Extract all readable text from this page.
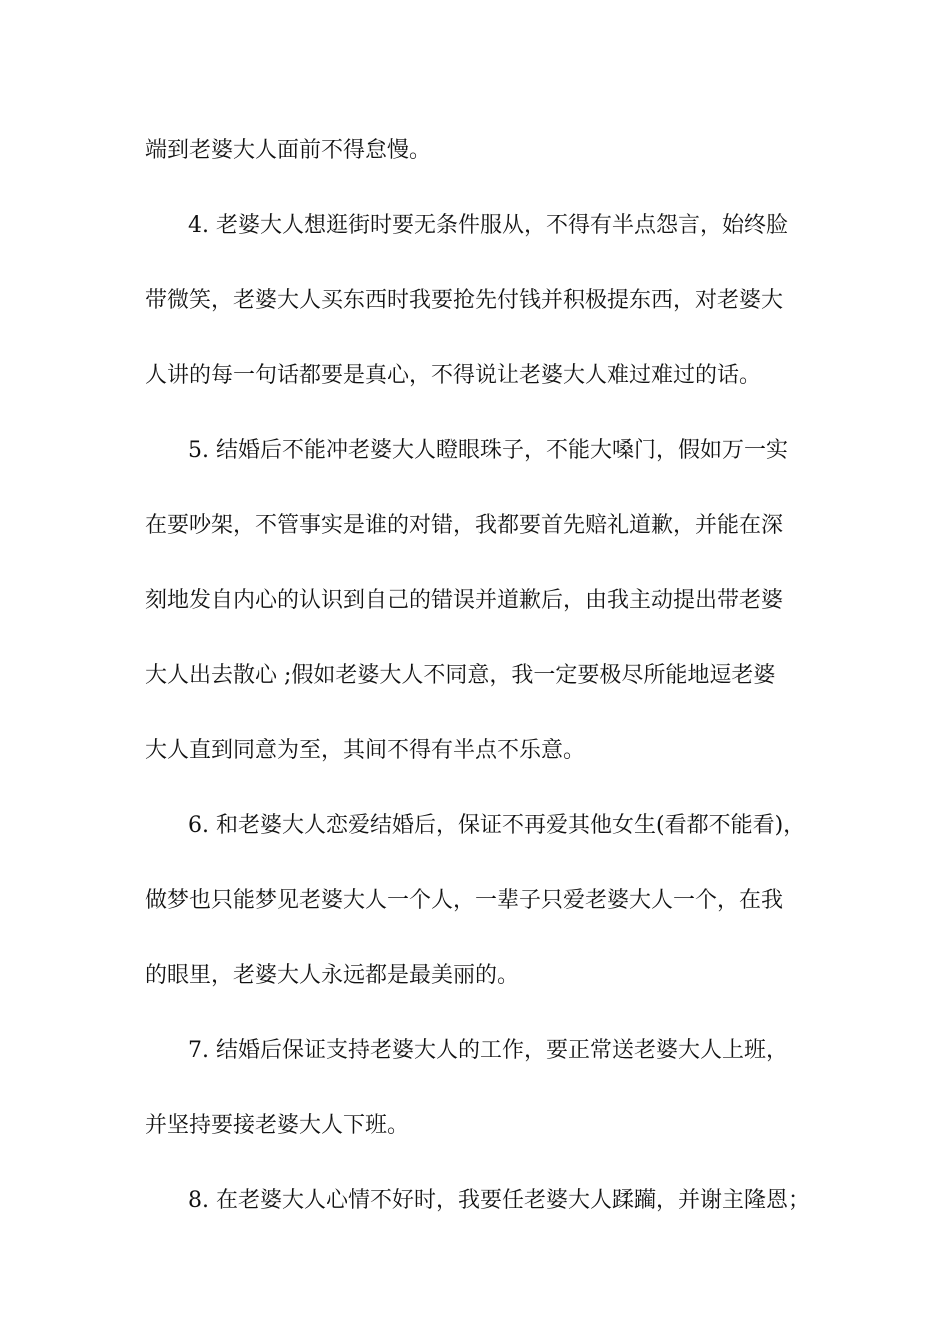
端到老婆大人面前不得怠慢。
4. 老婆大人想逛街时要无条件服从，不得有半点怨言，始终脸
带微笑，老婆大人买东西时我要抢先付钱并积极提东西，对老婆大
人讲的每一句话都要是真心，不得说让老婆大人难过难过的话。
5. 结婚后不能冲老婆大人瞪眼珠子，不能大嗓门，假如万一实
在要吵架，不管事实是谁的对错，我都要首先赔礼道歉，并能在深
刻地发自内心的认识到自己的错误并道歉后，由我主动提出带老婆
大人出去散心 ;假如老婆大人不同意，我一定要极尽所能地逗老婆
大人直到同意为至，其间不得有半点不乐意。
6. 和老婆大人恋爱结婚后，保证不再爱其他女生(看都不能看)，
做梦也只能梦见老婆大人一个人，一辈子只爱老婆大人一个，在我
的眼里，老婆大人永远都是最美丽的。
7. 结婚后保证支持老婆大人的工作，要正常送老婆大人上班，
并坚持要接老婆大人下班。
8. 在老婆大人心情不好时，我要任老婆大人蹂躏，并谢主隆恩；
